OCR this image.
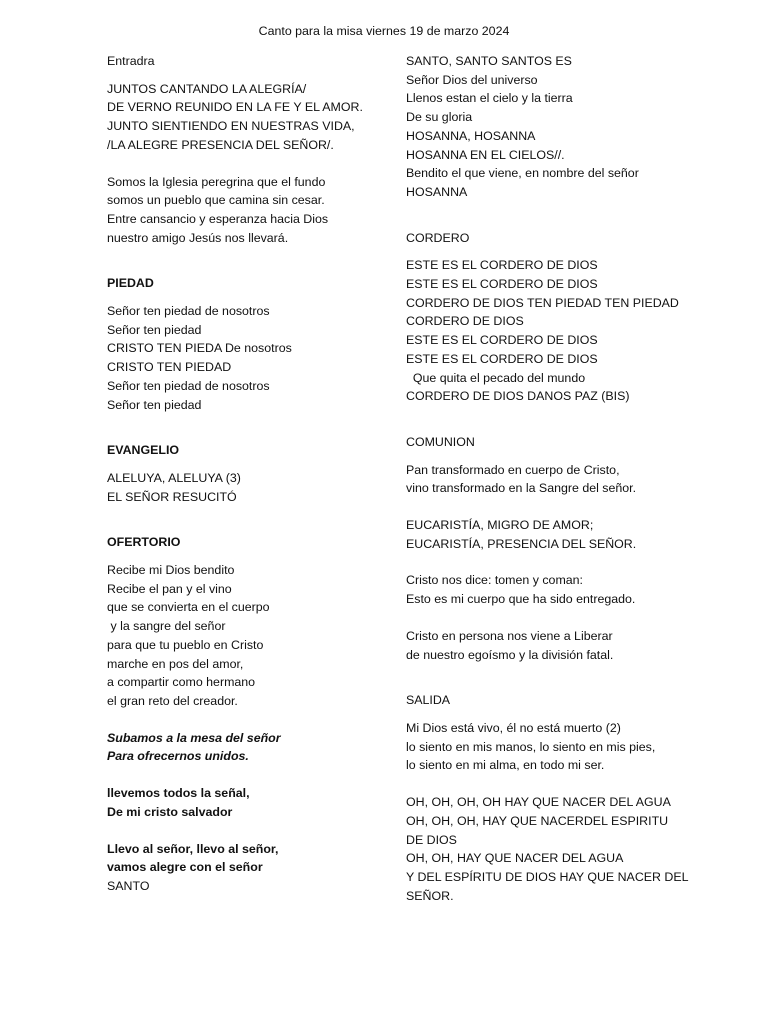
Canto para la misa viernes 19 de marzo 2024
Entradra
JUNTOS CANTANDO LA ALEGRÍA/
DE VERNO REUNIDO EN LA FE Y EL AMOR.
JUNTO SIENTIENDO EN NUESTRAS VIDA,
/LA ALEGRE PRESENCIA DEL SEÑOR/.
Somos la Iglesia peregrina que el fundo
somos un pueblo que camina sin cesar.
Entre cansancio y esperanza hacia Dios
nuestro amigo Jesús nos llevará.
PIEDAD
Señor ten piedad de nosotros
Señor ten piedad
CRISTO TEN PIEDA De nosotros
CRISTO TEN PIEDAD
Señor ten piedad de nosotros
Señor ten piedad
EVANGELIO
ALELUYA, ALELUYA (3)
EL SEÑOR RESUCITÓ
OFERTORIO
Recibe mi Dios bendito
Recibe el pan y el vino
que se convierta en el cuerpo
y la sangre del señor
para que tu pueblo en Cristo
marche en pos del amor,
a compartir como hermano
el gran reto del creador.
Subamos a la mesa del señor
Para ofrecernos unidos.
llevemos todos la señal,
De mi cristo salvador
Llevo al señor, llevo al señor,
vamos alegre con el señor
SANTO
SANTO, SANTO SANTOS ES
Señor Dios del universo
Llenos estan el cielo y la tierra
De su gloria
HOSANNA, HOSANNA
HOSANNA EN EL CIELOS//.
Bendito el que viene, en nombre del señor
HOSANNA
CORDERO
ESTE ES EL CORDERO DE DIOS
ESTE ES EL CORDERO DE DIOS
CORDERO DE DIOS TEN PIEDAD TEN PIEDAD
CORDERO DE DIOS
ESTE ES EL CORDERO DE DIOS
ESTE ES EL CORDERO DE DIOS
Que quita el pecado del mundo
CORDERO DE DIOS DANOS PAZ (BIS)
COMUNION
Pan transformado en cuerpo de Cristo,
vino transformado en la Sangre del señor.
EUCARISTÍA, MIGRO DE AMOR;
EUCARISTÍA, PRESENCIA DEL SEÑOR.
Cristo nos dice: tomen y coman:
Esto es mi cuerpo que ha sido entregado.
Cristo en persona nos viene a Liberar
de nuestro egoísmo y la división fatal.
SALIDA
Mi Dios está vivo, él no está muerto (2)
lo siento en mis manos, lo siento en mis pies,
lo siento en mi alma, en todo mi ser.
OH, OH, OH, OH HAY QUE NACER DEL AGUA
OH, OH, OH, HAY QUE NACERDEL ESPIRITU
DE DIOS
OH, OH, HAY QUE NACER DEL AGUA
Y DEL ESPÍRITU DE DIOS HAY QUE NACER DEL
SEÑOR.
